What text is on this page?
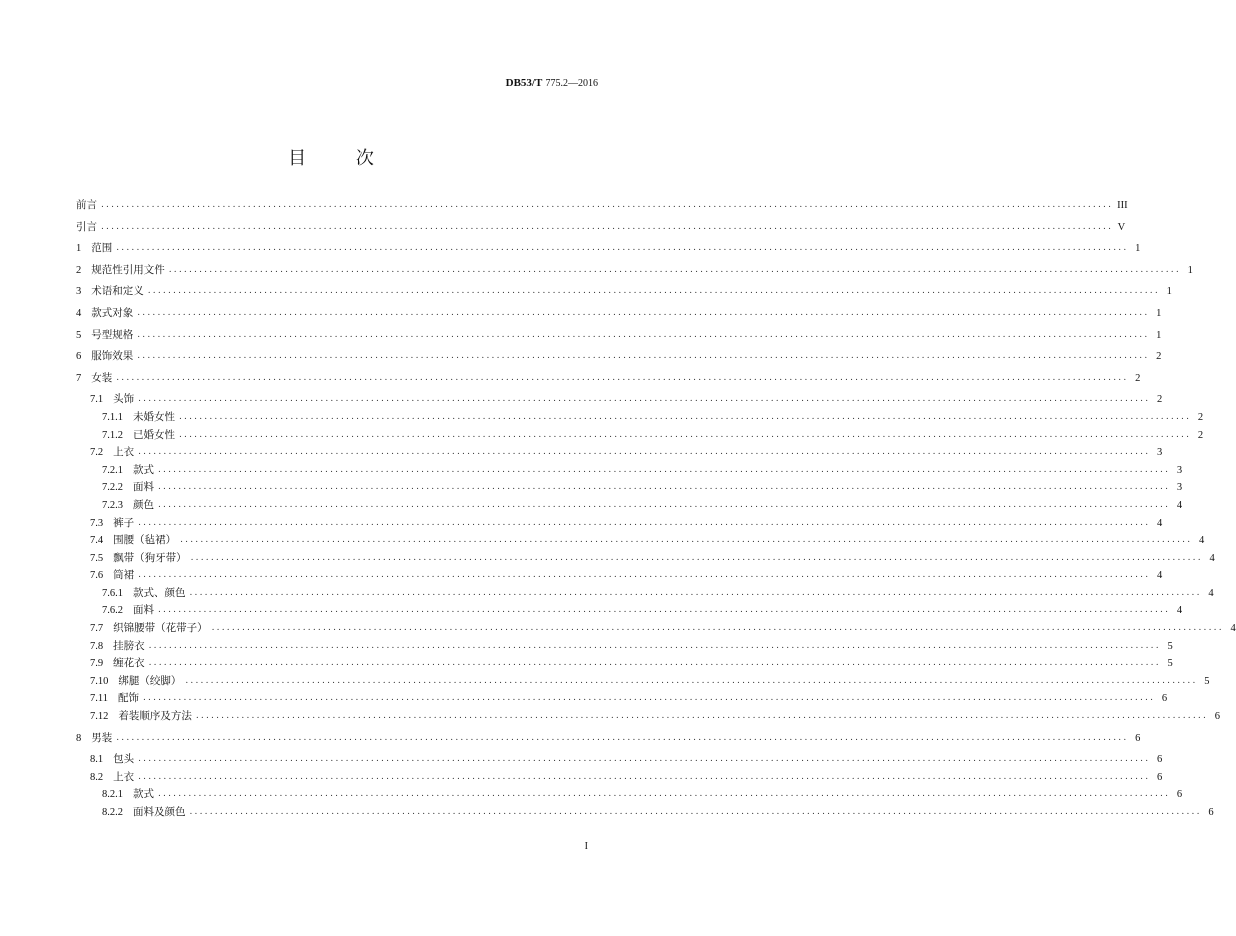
DB53/T 775.2—2016
目	次
前言 ........................................................................................................................................................................................................ III
引言 ........................................................................................................................................................................................................ V
1 范围 ........................................................................................................................................................................................................ 1
2 规范性引用文件 ........................................................................................................................................................................................................ 1
3 术语和定义 ........................................................................................................................................................................................................ 1
4 款式对象 ........................................................................................................................................................................................................ 1
5 号型规格 ........................................................................................................................................................................................................ 1
6 服饰效果 ........................................................................................................................................................................................................ 2
7 女装 ........................................................................................................................................................................................................ 2
7.1 头饰 ........................................................................................................................................................................................................ 2
7.1.1 未婚女性 ........................................................................................................................................................................................................ 2
7.1.2 已婚女性 ........................................................................................................................................................................................................ 2
7.2 上衣 ........................................................................................................................................................................................................ 3
7.2.1 款式 ........................................................................................................................................................................................................ 3
7.2.2 面料 ........................................................................................................................................................................................................ 3
7.2.3 颜色 ........................................................................................................................................................................................................ 4
7.3 裤子 ........................................................................................................................................................................................................ 4
7.4 围腰（毡裙） ........................................................................................................................................................................................................ 4
7.5 飘带（狗牙带） ........................................................................................................................................................................................................ 4
7.6 筒裙 ........................................................................................................................................................................................................ 4
7.6.1 款式、颜色 ........................................................................................................................................................................................................ 4
7.6.2 面料 ........................................................................................................................................................................................................ 4
7.7 织锦腰带（花带子） ........................................................................................................................................................................................................ 4
7.8 挂膀衣 ........................................................................................................................................................................................................ 5
7.9 缠花衣 ........................................................................................................................................................................................................ 5
7.10 绑腿（绞脚） ........................................................................................................................................................................................................ 5
7.11 配饰 ........................................................................................................................................................................................................ 6
7.12 着装顺序及方法 ........................................................................................................................................................................................................ 6
8 男装 ........................................................................................................................................................................................................ 6
8.1 包头 ........................................................................................................................................................................................................ 6
8.2 上衣 ........................................................................................................................................................................................................ 6
8.2.1 款式 ........................................................................................................................................................................................................ 6
8.2.2 面料及颜色 ........................................................................................................................................................................................................ 6
I
